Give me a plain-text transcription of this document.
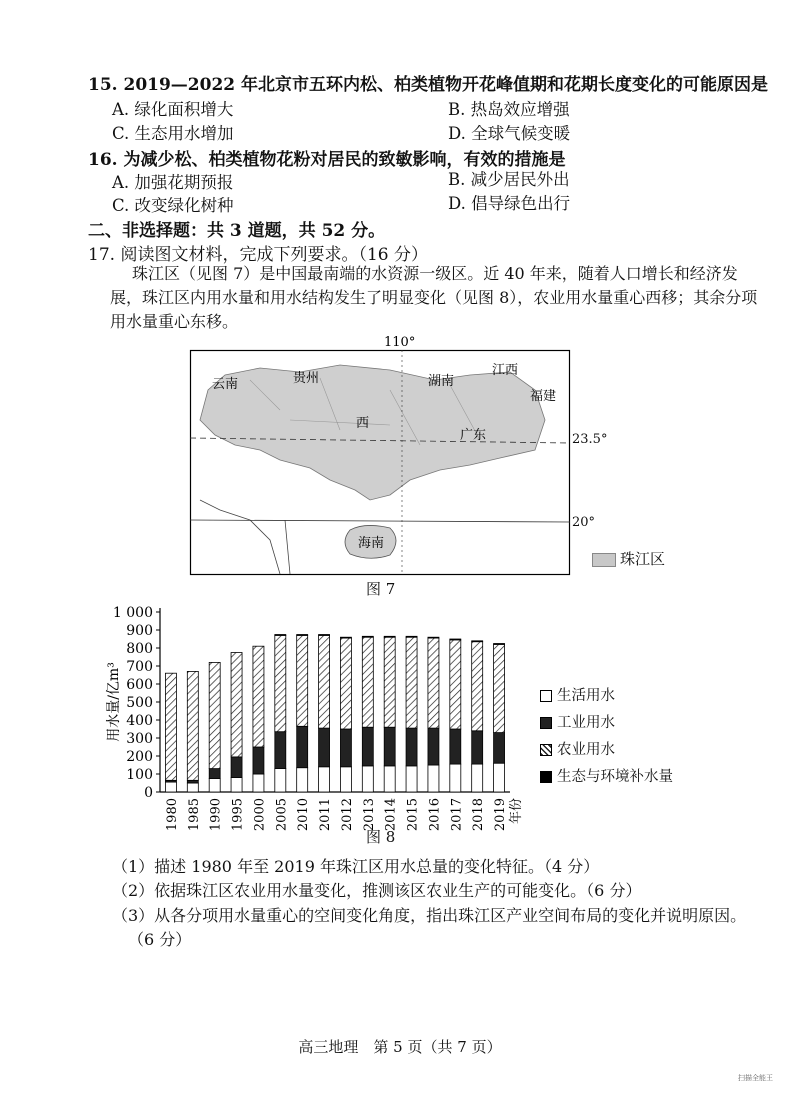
15. 2019—2022 年北京市五环内松、柏类植物开花峰值期和花期长度变化的可能原因是
A. 绿化面积增大	B. 热岛效应增强
C. 生态用水增加	D. 全球气候变暖
16. 为减少松、柏类植物花粉对居民的致敏影响，有效的措施是
A. 加强花期预报	B. 减少居民外出
C. 改变绿化树种	D. 倡导绿色出行
二、非选择题：共 3 道题，共 52 分。
17. 阅读图文材料，完成下列要求。（16 分）
珠江区（见图 7）是中国最南端的水资源一级区。近 40 年来，随着人口增长和经济发
展，珠江区内用水量和用水结构发生了明显变化（见图 8），农业用水量重心西移；其余分项
用水量重心东移。
110°
云南	贵州	湖南
江西
福建
西
广东
海南
23.5°
20°
珠江区
图 7
0
100
200
300
400
500
600
700
800
900
1 000
用水量/亿m³
1980 1985 1990 1995 2000 2005 2010 2011 2012 2013 2014 2015 2016 2017 2018 2019 年份
生活用水
工业用水
农业用水
生态与环境补水量
图 8
（1）描述 1980 年至 2019 年珠江区用水总量的变化特征。（4 分）
（2）依据珠江区农业用水量变化，推测该区农业生产的可能变化。（6 分）
（3）从各分项用水量重心的空间变化角度，指出珠江区产业空间布局的变化并说明原因。
（6 分）
高三地理　第 5 页（共 7 页）
扫描全能王
